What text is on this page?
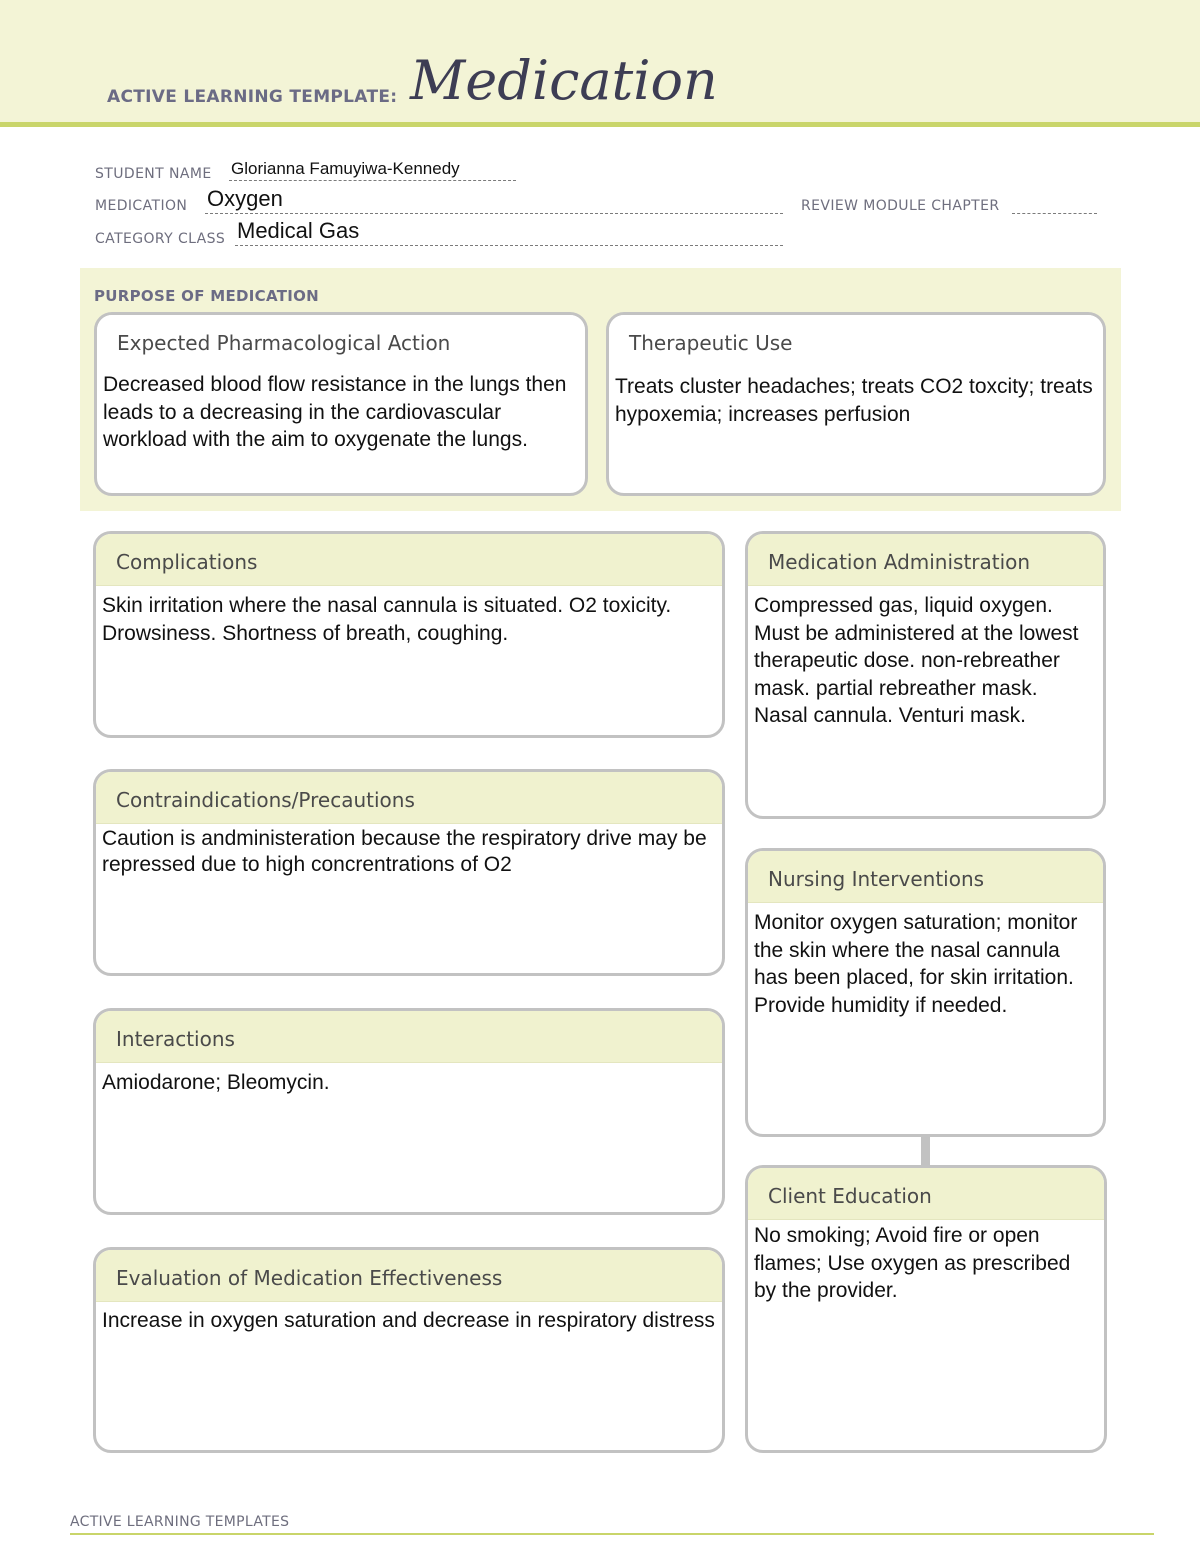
ACTIVE LEARNING TEMPLATE: Medication
STUDENT NAME Glorianna Famuyiwa-Kennedy
MEDICATION Oxygen	REVIEW MODULE CHAPTER
CATEGORY CLASS Medical Gas
PURPOSE OF MEDICATION
Expected Pharmacological Action
Decreased blood flow resistance in the lungs then leads to a decreasing in the cardiovascular workload with the aim to oxygenate the lungs.
Therapeutic Use
Treats cluster headaches; treats CO2 toxcity; treats hypoxemia; increases perfusion
Complications
Skin irritation where the nasal cannula is situated. O2 toxicity. Drowsiness. Shortness of breath, coughing.
Contraindications/Precautions
Caution is andministeration because the respiratory drive may be repressed due to high concrentrations of O2
Interactions
Amiodarone; Bleomycin.
Evaluation of Medication Effectiveness
Increase in oxygen saturation and decrease in respiratory distress
Medication Administration
Compressed gas, liquid oxygen. Must be administered at the lowest therapeutic dose. non-rebreather mask. partial rebreather mask. Nasal cannula. Venturi mask.
Nursing Interventions
Monitor oxygen saturation; monitor the skin where the nasal cannula has been placed, for skin irritation. Provide humidity if needed.
Client Education
No smoking; Avoid fire or open flames; Use oxygen as prescribed by the provider.
ACTIVE LEARNING TEMPLATES
